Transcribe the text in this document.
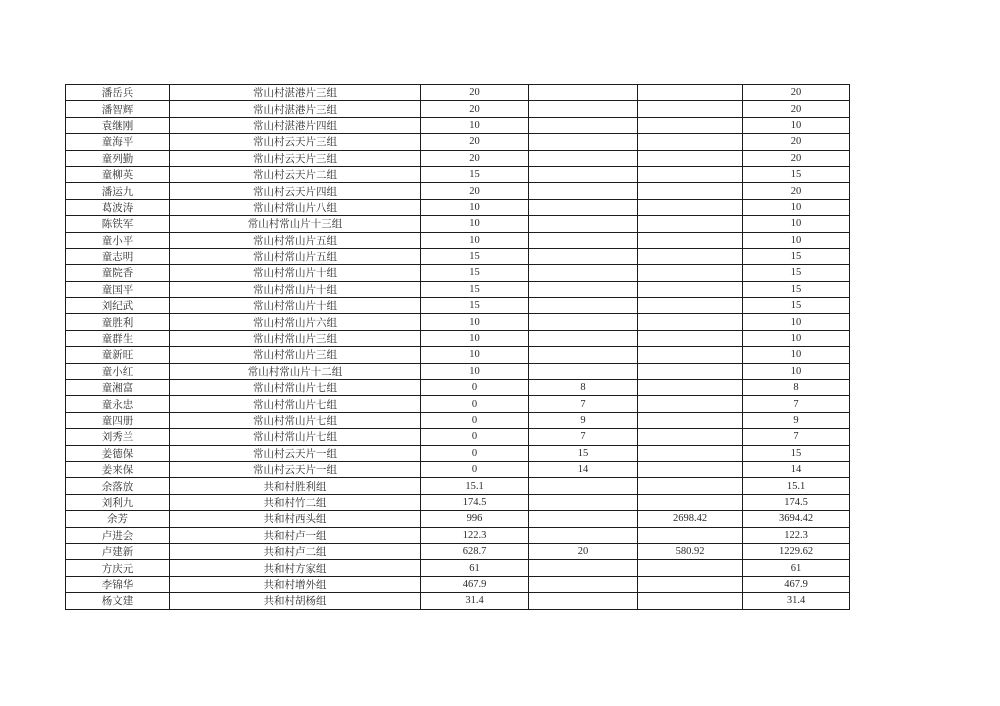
潘岳兵	常山村湛港片三组	20			20
潘智辉	常山村湛港片三组	20			20
袁继刚	常山村湛港片四组	10			10
童海平	常山村云天片三组	20			20
童列勤	常山村云天片三组	20			20
童柳英	常山村云天片二组	15			15
潘运九	常山村云天片四组	20			20
葛波涛	常山村常山片八组	10			10
陈铁军	常山村常山片十三组	10			10
童小平	常山村常山片五组	10			10
童志明	常山村常山片五组	15			15
童院香	常山村常山片十组	15			15
童国平	常山村常山片十组	15			15
刘纪武	常山村常山片十组	15			15
童胜利	常山村常山片六组	10			10
童群生	常山村常山片三组	10			10
童新旺	常山村常山片三组	10			10
童小红	常山村常山片十二组	10			10
童湘富	常山村常山片七组	0	8		8
童永忠	常山村常山片七组	0	7		7
童四册	常山村常山片七组	0	9		9
刘秀兰	常山村常山片七组	0	7		7
姜德保	常山村云天片一组	0	15		15
姜来保	常山村云天片一组	0	14		14
余落放	共和村胜利组	15.1			15.1
刘利九	共和村竹二组	174.5			174.5
余芳	共和村西头组	996		2698.42	3694.42
卢进会	共和村卢一组	122.3			122.3
卢建新	共和村卢二组	628.7	20	580.92	1229.62
方庆元	共和村方家组	61			61
李锦华	共和村增外组	467.9			467.9
杨文建	共和村胡杨组	31.4			31.4
